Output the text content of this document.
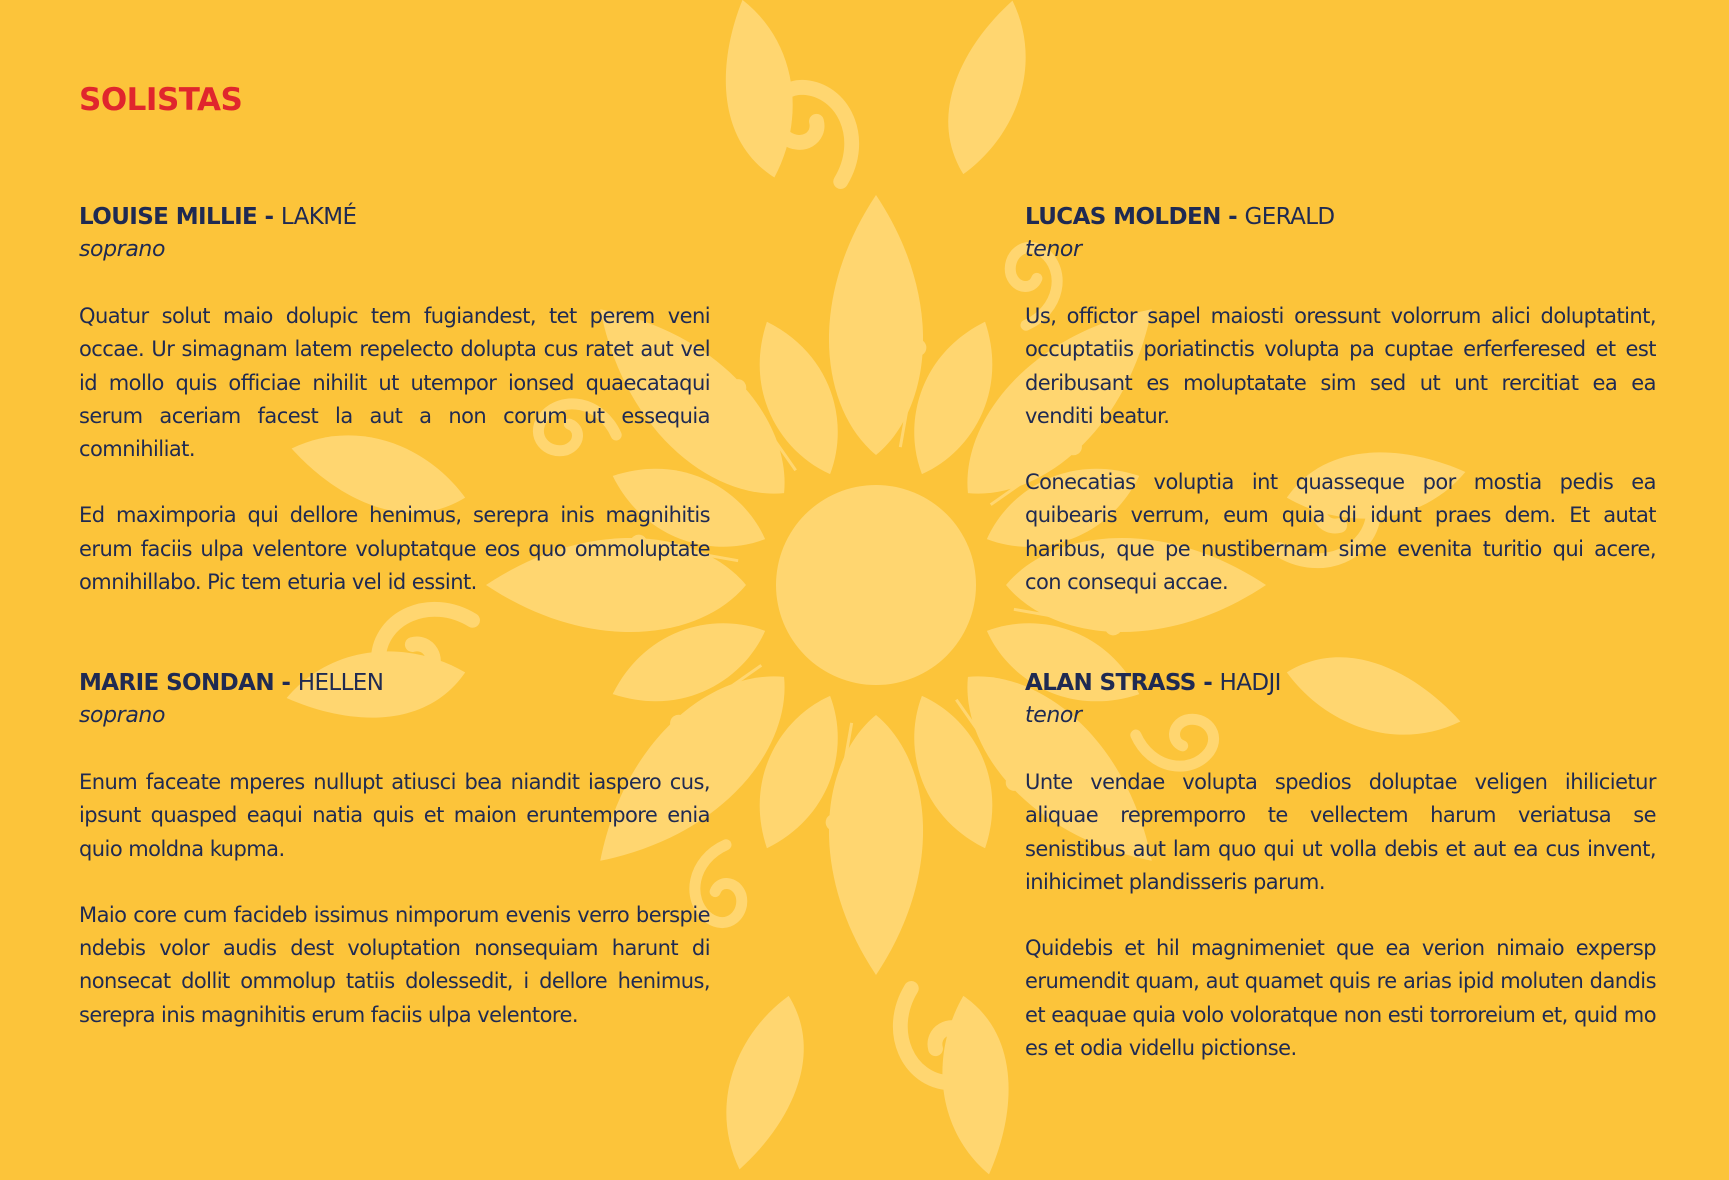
SOLISTAS

LOUISE MILLIE - LAKMÉ

soprano

Quatur solut maio dolupic tem fugiandest, tet perem veni occae. Ur simagnam latem repelecto dolupta cus ratet aut vel id mollo quis officiae nihilit ut utempor ionsed quaecataqui serum aceriam facest la aut a non corum ut essequia comnihiliat.

Ed maximporia qui dellore henimus, serepra inis magnihitis erum faciis ulpa velentore voluptatque eos quo ommoluptate omnihillabo. Pic tem eturia vel id essint.

LUCAS MOLDEN - GERALD

tenor

Us, offictor sapel maiosti oressunt volorrum alici doluptatint, occuptatiis poriatinctis volupta pa cuptae erferferesed et est deribusant es moluptatate sim sed ut unt rercitiat ea ea venditi beatur.

Conecatias voluptia int quasseque por mostia pedis ea quibearis verrum, eum quia di idunt praes dem. Et autat haribus, que pe nustibernam sime evenita turitio qui acere, con consequi accae.

MARIE SONDAN - HELLEN

soprano

Enum faceate mperes nullupt atiusci bea niandit iaspero cus, ipsunt quasped eaqui natia quis et maion eruntempore enia quio moldna kupma.

Maio core cum facideb issimus nimporum evenis verro berspie ndebis volor audis dest voluptation nonsequiam harunt di nonsecat dollit ommolup tatiis dolessedit, i dellore henimus, serepra inis magnihitis erum faciis ulpa velentore.

ALAN STRASS - HADJI

tenor

Unte vendae volupta spedios doluptae veligen ihilicietur aliquae repremporro te vellectem harum veriatusa se senistibus aut lam quo qui ut volla debis et aut ea cus invent, inihicimet plandisseris parum.

Quidebis et hil magnimeniet que ea verion nimaio expersp erumendit quam, aut quamet quis re arias ipid moluten dandis et eaquae quia volo voloratque non esti torroreium et, quid mo es et odia videllu pictionse.
